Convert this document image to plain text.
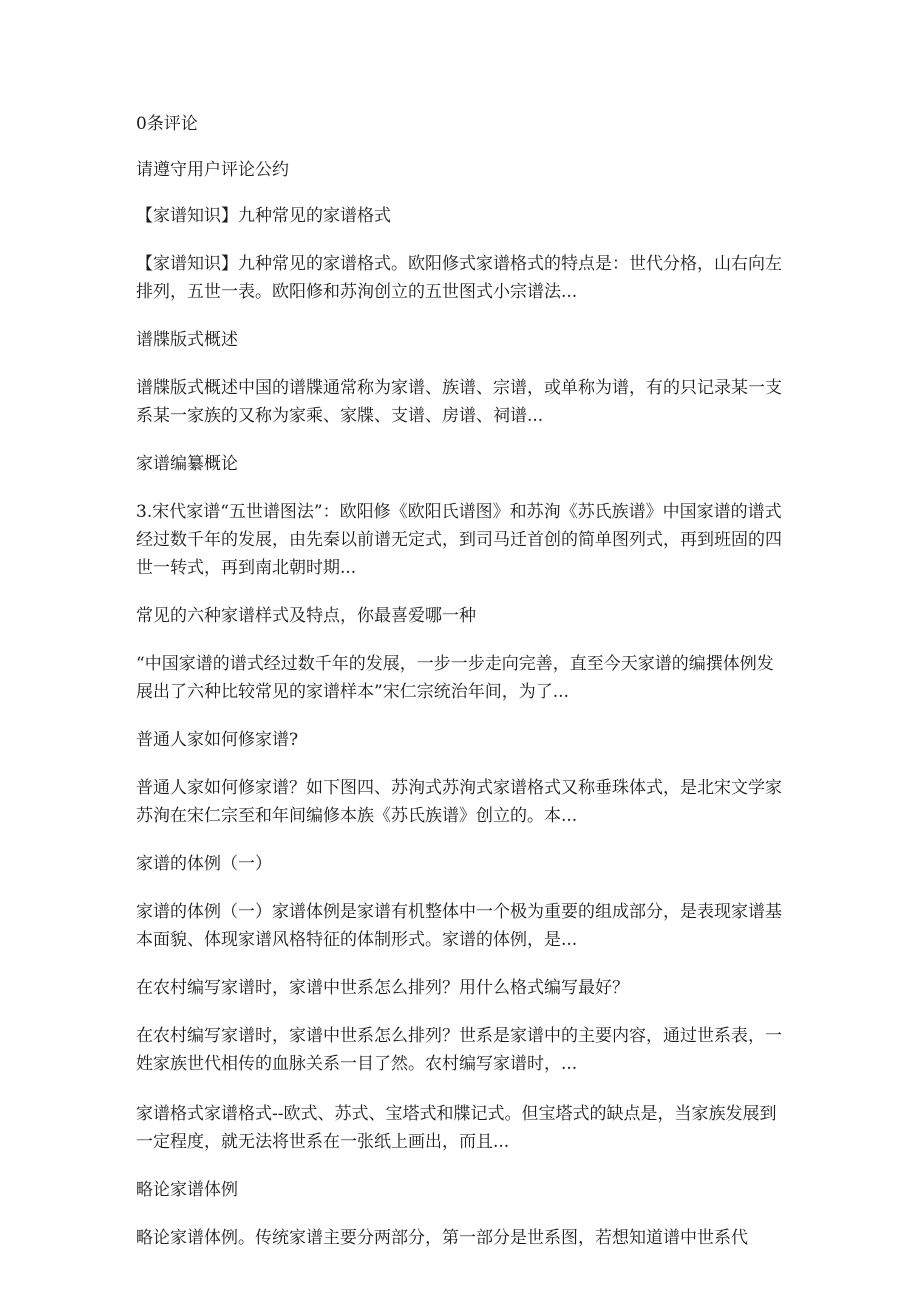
0条评论

请遵守用户评论公约

【家谱知识】九种常见的家谱格式

【家谱知识】九种常见的家谱格式。欧阳修式家谱格式的特点是：世代分格，山右向左排列，五世一表。欧阳修和苏洵创立的五世图式小宗谱法...

谱牒版式概述

谱牒版式概述中国的谱牒通常称为家谱、族谱、宗谱，或单称为谱，有的只记录某一支系某一家族的又称为家乘、家牒、支谱、房谱、祠谱...

家谱编纂概论

3.宋代家谱“五世谱图法”：欧阳修《欧阳氏谱图》和苏洵《苏氏族谱》中国家谱的谱式经过数千年的发展，由先秦以前谱无定式，到司马迁首创的简单图列式，再到班固的四世一转式，再到南北朝时期...

常见的六种家谱样式及特点，你最喜爱哪一种

“中国家谱的谱式经过数千年的发展，一步一步走向完善，直至今天家谱的编撰体例发展出了六种比较常见的家谱样本”宋仁宗统治年间，为了...

普通人家如何修家谱?

普通人家如何修家谱？如下图四、苏洵式苏洵式家谱格式又称垂珠体式，是北宋文学家苏洵在宋仁宗至和年间编修本族《苏氏族谱》创立的。本...

家谱的体例（一）

家谱的体例（一）家谱体例是家谱有机整体中一个极为重要的组成部分，是表现家谱基本面貌、体现家谱风格特征的体制形式。家谱的体例，是...

在农村编写家谱时，家谱中世系怎么排列？用什么格式编写最好？

在农村编写家谱时，家谱中世系怎么排列？世系是家谱中的主要内容，通过世系表，一姓家族世代相传的血脉关系一目了然。农村编写家谱时，...

家谱格式家谱格式--欧式、苏式、宝塔式和牒记式。但宝塔式的缺点是，当家族发展到一定程度，就无法将世系在一张纸上画出，而且...

略论家谱体例

略论家谱体例。传统家谱主要分两部分，第一部分是世系图，若想知道谱中世系代
